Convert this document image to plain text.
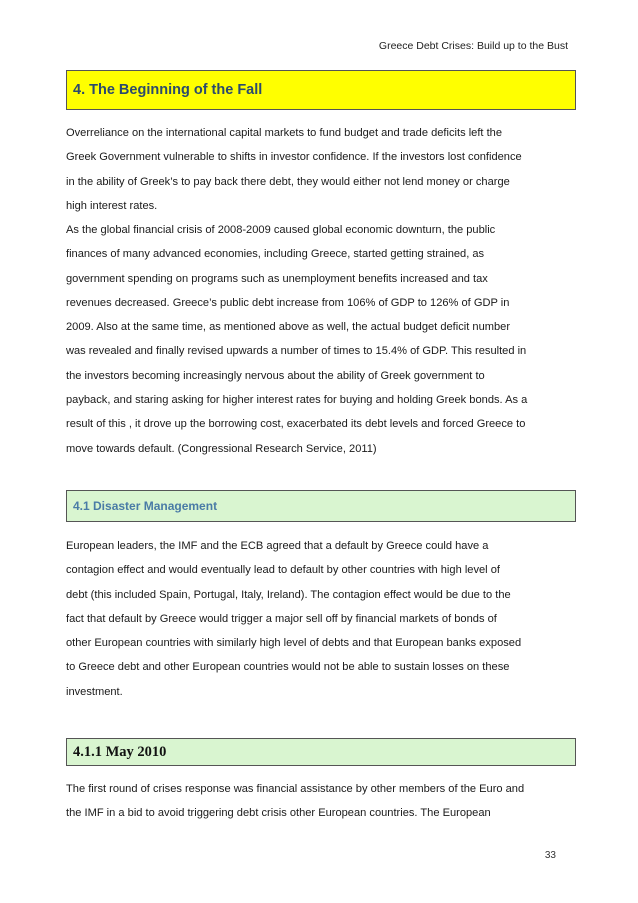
Greece Debt Crises: Build up to the Bust
4. The Beginning of the Fall

Overreliance on the international capital markets to fund budget and trade deficits left the
Greek Government vulnerable to shifts in investor confidence. If the investors lost confidence
in the ability of Greek’s to pay back there debt, they would either not lend money or charge
high interest rates.

As the global financial crisis of 2008-2009 caused global economic downturn, the public
finances of many advanced economies, including Greece, started getting strained, as
government spending on programs such as unemployment benefits increased and tax
revenues decreased. Greece’s public debt increase from 106% of GDP to 126% of GDP in
2009. Also at the same time, as mentioned above as well, the actual budget deficit number
was revealed and finally revised upwards a number of times to 15.4% of GDP. This resulted in
the investors becoming increasingly nervous about the ability of Greek government to
payback, and staring asking for higher interest rates for buying and holding Greek bonds. As a
result of this , it drove up the borrowing cost, exacerbated its debt levels and forced Greece to
move towards default. (Congressional Research Service, 2011)

4.1 Disaster Management

European leaders, the IMF and the ECB agreed that a default by Greece could have a
contagion effect and would eventually lead to default by other countries with high level of
debt (this included Spain, Portugal, Italy, Ireland). The contagion effect would be due to the
fact that default by Greece would trigger a major sell off by financial markets of bonds of
other European countries with similarly high level of debts and that European banks exposed
to Greece debt and other European countries would not be able to sustain losses on these
investment.

4.1.1 May 2010

The first round of crises response was financial assistance by other members of the Euro and
the IMF in a bid to avoid triggering debt crisis other European countries. The European

33
